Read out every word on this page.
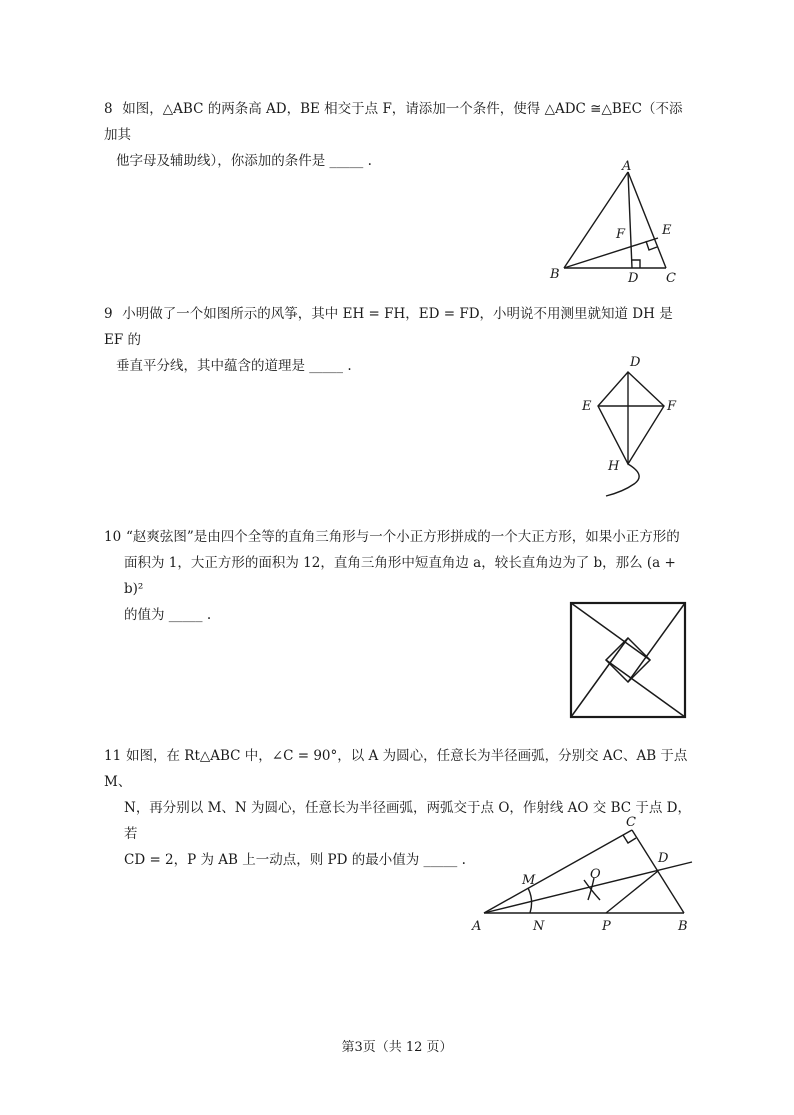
8 如图，△ABC 的两条高 AD，BE 相交于点 F，请添加一个条件，使得 △ADC ≅△BEC（不添加其
他字母及辅助线），你添加的条件是 _____ .	A
B	C
D
E
F
9 小明做了一个如图所示的风筝，其中 EH = FH，ED = FD，小明说不用测里就知道 DH 是 EF 的
垂直平分线，其中蕴含的道理是 _____ .	D
E	F
H
10 “赵爽弦图”是由四个全等的直角三角形与一个小正方形拼成的一个大正方形，如果小正方形的
面积为 1，大正方形的面积为 12，直角三角形中短直角边 a，较长直角边为了 b，那么 (a + b)²
的值为 _____ .
11 如图，在 Rt△ABC 中，∠C = 90°，以 A 为圆心，任意长为半径画弧，分别交 AC、AB 于点 M、
N，再分别以 M、N 为圆心，任意长为半径画弧，两弧交于点 O，作射线 AO 交 BC 于点 D，若
CD = 2，P 为 AB 上一动点，则 PD 的最小值为 _____ .
A	B
C
D
M
N
O
P
第3页（共 12 页）
